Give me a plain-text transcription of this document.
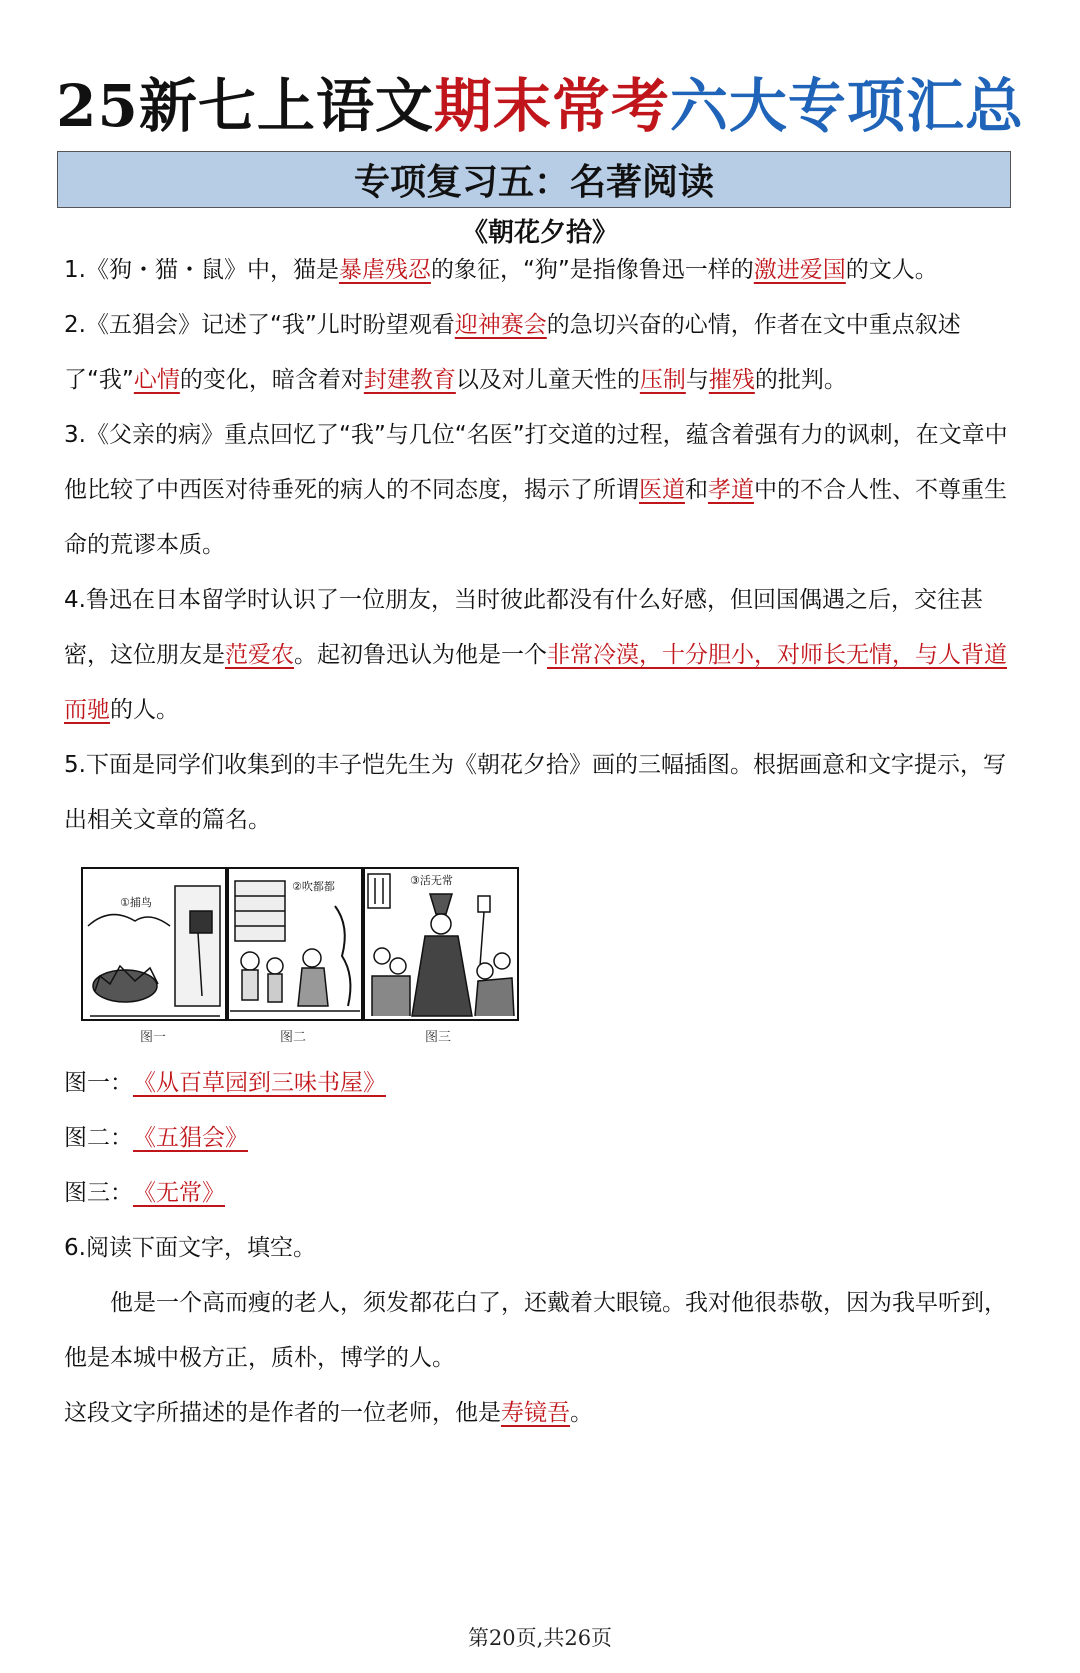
25新七上语文期末常考六大专项汇总
专项复习五：名著阅读
《朝花夕拾》

1.《狗・猫・鼠》中，猫是暴虐残忍的象征，“狗”是指像鲁迅一样的激进爱国的文人。

2.《五猖会》记述了“我”儿时盼望观看迎神赛会的急切兴奋的心情，作者在文中重点叙述了“我”心情的变化，暗含着对封建教育以及对儿童天性的压制与摧残的批判。

3.《父亲的病》重点回忆了“我”与几位“名医”打交道的过程，蕴含着强有力的讽刺，在文章中他比较了中西医对待垂死的病人的不同态度，揭示了所谓医道和孝道中的不合人性、不尊重生命的荒谬本质。

4.鲁迅在日本留学时认识了一位朋友，当时彼此都没有什么好感，但回国偶遇之后，交往甚密，这位朋友是范爱农。起初鲁迅认为他是一个非常冷漠，十分胆小，对师长无情，与人背道而驰的人。

5.下面是同学们收集到的丰子恺先生为《朝花夕拾》画的三幅插图。根据画意和文字提示，写出相关文章的篇名。

①捕鸟
②吹都都	③活无常
图一	图二	图三

图一：《从百草园到三味书屋》

图二：《五猖会》

图三：《无常》

6.阅读下面文字，填空。

他是一个高而瘦的老人，须发都花白了，还戴着大眼镜。我对他很恭敬，因为我早听到，他是本城中极方正，质朴，博学的人。

这段文字所描述的是作者的一位老师，他是寿镜吾。

第20页,共26页
